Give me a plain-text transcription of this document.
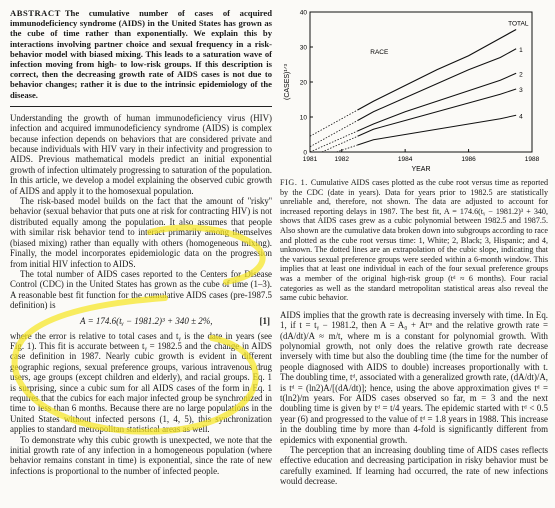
ABSTRACT The cumulative number of cases of acquired immunodeficiency syndrome (AIDS) in the United States has grown as the cube of time rather than exponentially. We explain this by interactions involving partner choice and sexual frequency in a risk-behavior model with biased mixing. This leads to a saturation wave of infection moving from high- to low-risk groups. If this description is correct, then the decreasing growth rate of AIDS cases is not due to behavior changes; rather it is due to the intrinsic epidemiology of the disease.

Understanding the growth of human immunodeficiency virus (HIV) infection and acquired immunodeficiency syndrome (AIDS) is complex because infection depends on behaviors that are considered private and because individuals with HIV vary in their infectivity and progression to AIDS. Previous mathematical models predict an initial exponential growth of infection ultimately progressing to saturation of the population. In this article, we develop a model explaining the observed cubic growth of AIDS and apply it to the homosexual population.

The risk-based model builds on the fact that the amount of ''risky'' behavior (sexual behavior that puts one at risk for contracting HIV) is not distributed equally among the population. It also assumes that people with similar risk behavior tend to interact primarily among themselves (biased mixing) rather than equally with others (homogeneous mixing). Finally, the model incorporates epidemiologic data on the progression from initial HIV infection to AIDS.

The total number of AIDS cases reported to the Centers for Disease Control (CDC) in the United States has grown as the cube of time (1–3). A reasonable best fit function for the cumulative AIDS cases (pre-1987.5 definition) is

A = 174.6(tᵧ − 1981.2)³ + 340 ± 2%,	[1]

where the error is relative to total cases and tᵧ is the date in years (see Fig. 1). This fit is accurate between tᵧ = 1982.5 and the change in AIDS case definition in 1987. Nearly cubic growth is evident in different geographic regions, sexual preference groups, various intravenous drug users, age groups (except children and elderly), and racial groups. Eq. 1 is surprising, since a cubic sum for all AIDS cases of the form in Eq. 1 requires that the cubics for each major infected group be synchronized in time to less than 6 months. Because there are no large populations in the United States without infected persons (1, 4, 5), this synchronization applies to standard metropolitan statistical areas as well.

To demonstrate why this cubic growth is unexpected, we note that the initial growth rate of any infection in a homogeneous population (where behavior remains constant in time) is exponential, since the rate of new infections is proportional to the number of infected people.

1981	1982	1984	1986	1988
0
10
20
30
40
YEAR
(CASES)¹ᐟ³
TOTAL
1
2
3
4
RACE

FIG. 1. Cumulative AIDS cases plotted as the cube root versus time as reported by the CDC (date in years). Data for years prior to 1982.5 are statistically unreliable and, therefore, not shown. The data are adjusted to account for increased reporting delays in 1987. The best fit, A = 174.6(tᵧ − 1981.2)³ + 340, shows that AIDS cases grew as a cubic polynomial between 1982.5 and 1987.5. Also shown are the cumulative data broken down into subgroups according to race and plotted as the cube root versus time: 1, White; 2, Black; 3, Hispanic; and 4, unknown. The dotted lines are an extrapolation of the cubic slope, indicating that the various sexual preference groups were seeded within a 6-month window. This implies that at least one individual in each of the four sexual preference groups was a member of the original high-risk group (tᵈ ≈ 6 months). Four racial categories as well as the standard metropolitan statistical areas also reveal the same cubic behavior.

AIDS implies that the growth rate is decreasing inversely with time. In Eq. 1, if t = tᵧ − 1981.2, then A = A₀ + Atᵐ and the relative growth rate = (dA/dt)/A ≈ m/t, where m is a constant for polynomial growth. With polynomial growth, not only does the relative growth rate decrease inversely with time but also the doubling time (the time for the number of people diagnosed with AIDS to double) increases proportionally with t. The doubling time, tᵈ, associated with a generalized growth rate, (dA/dt)/A, is tᵈ = (ln2)A/[(dA/dt)]; hence, using the above approximation gives tᵈ = t(ln2)/m years. For AIDS cases observed so far, m = 3 and the next doubling time is given by tᵈ = t/4 years. The epidemic started with tᵈ < 0.5 year (6) and progressed to the value of tᵈ = 1.8 years in 1988. This increase in the doubling time by more than 4-fold is significantly different from epidemics with exponential growth.

The perception that an increasing doubling time of AIDS cases reflects effective education and decreasing participation in risky behavior must be carefully examined. If learning had occurred, the rate of new infections would decrease.
